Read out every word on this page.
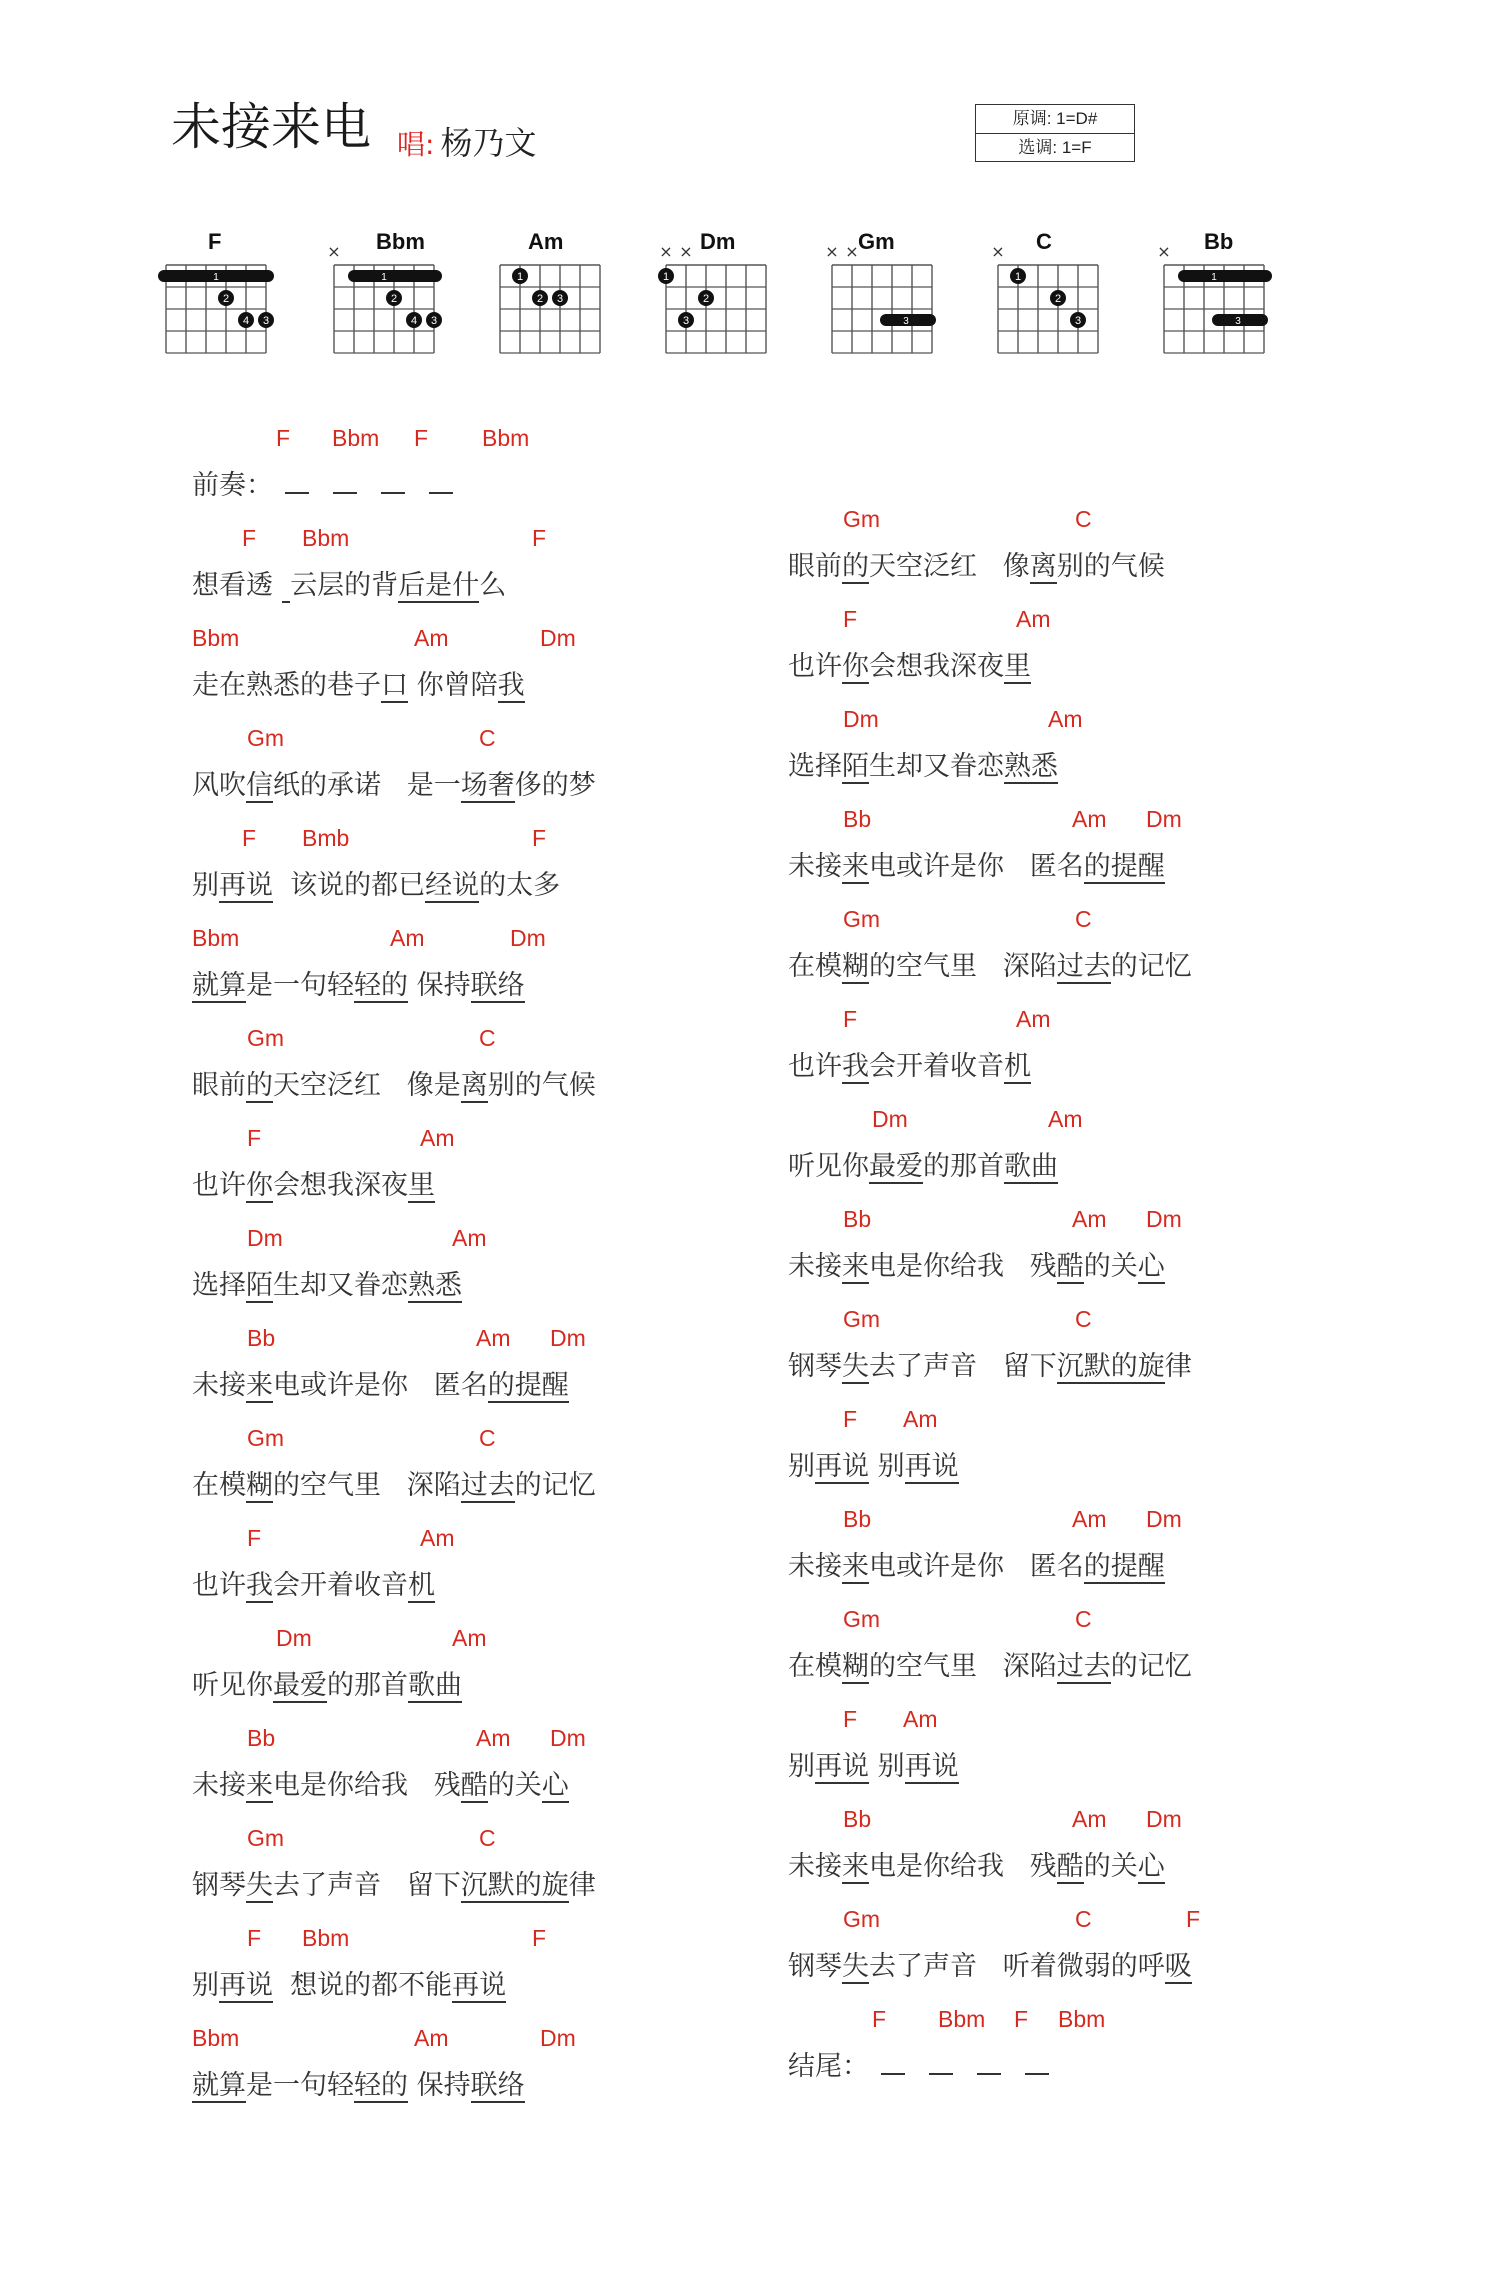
未接来电 唱: 杨乃文
原调: 1=D#
选调: 1=F
F
1
2
3
4
Bbm
×
1
2
3
4
Am
1
2 3
Dm
× ×
1
2
3
Gm
× ×
3
C
×
1
2
3
Bb
×
1
3
F Bbm F Bbm
前奏：
F Bbm	F
想看透  云层的背后是什么
Bbm	Am	Dm
走在熟悉的巷子口 你曾陪我
Gm	C
风吹信纸的承诺   是一场奢侈的梦
F Bmb	F
别再说  该说的都已经说的太多
Bbm	Am	Dm
就算是一句轻轻的 保持联络
Gm	C
眼前的天空泛红   像是离别的气候
F	Am
也许你会想我深夜里
Dm	Am
选择陌生却又眷恋熟悉
Bb	Am Dm
未接来电或许是你   匿名的提醒
Gm	C
在模糊的空气里   深陷过去的记忆
F	Am
也许我会开着收音机
Dm	Am
听见你最爱的那首歌曲
Bb	Am Dm
未接来电是你给我   残酷的关心
Gm	C
钢琴失去了声音   留下沉默的旋律
F Bbm	F
别再说  想说的都不能再说
Bbm	Am	Dm
就算是一句轻轻的 保持联络
Gm	C
眼前的天空泛红   像离别的气候
F	Am
也许你会想我深夜里
Dm	Am
选择陌生却又眷恋熟悉
Bb	Am Dm
未接来电或许是你   匿名的提醒
Gm	C
在模糊的空气里   深陷过去的记忆
F	Am
也许我会开着收音机
Dm	Am
听见你最爱的那首歌曲
Bb	Am Dm
未接来电是你给我   残酷的关心
Gm	C
钢琴失去了声音   留下沉默的旋律
F Am
别再说 别再说
Bb	Am Dm
未接来电或许是你   匿名的提醒
Gm	C
在模糊的空气里   深陷过去的记忆
F Am
别再说 别再说
Bb	Am Dm
未接来电是你给我   残酷的关心
Gm	C	F
钢琴失去了声音   听着微弱的呼吸
F Bbm F Bbm
结尾：
